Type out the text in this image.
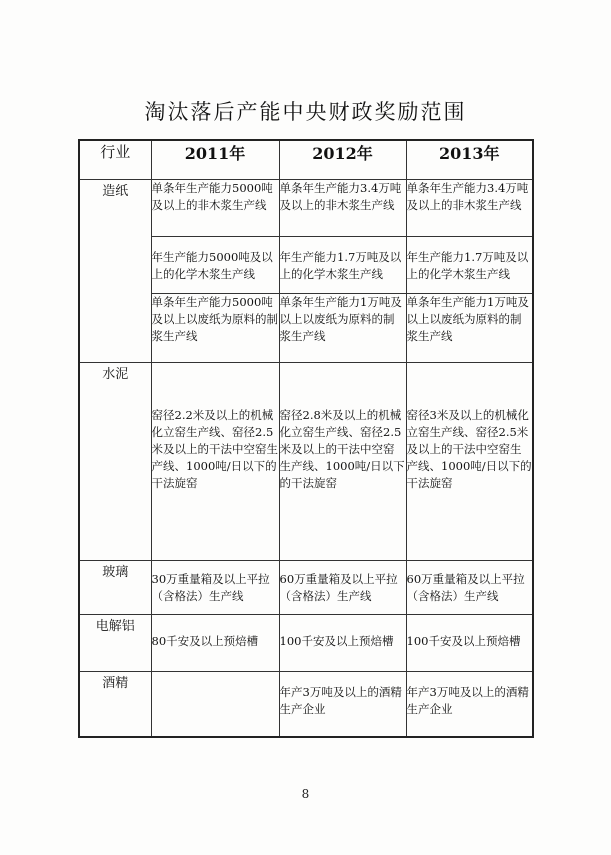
淘汰落后产能中央财政奖励范围
行业	2011年	2012年	2013年
造纸	单条年生产能力5000吨及以上的非木浆生产线	单条年生产能力3.4万吨及以上的非木浆生产线	单条年生产能力3.4万吨及以上的非木浆生产线
	年生产能力5000吨及以上的化学木浆生产线	年生产能力1.7万吨及以上的化学木浆生产线	年生产能力1.7万吨及以上的化学木浆生产线
	单条年生产能力5000吨及以上以废纸为原料的制浆生产线	单条年生产能力1万吨及以上以废纸为原料的制浆生产线	单条年生产能力1万吨及以上以废纸为原料的制浆生产线
水泥	窑径2.2米及以上的机械化立窑生产线、窑径2.5米及以上的干法中空窑生产线、1000吨/日以下的干法旋窑	窑径2.8米及以上的机械化立窑生产线、窑径2.5米及以上的干法中空窑生产线、1000吨/日以下的干法旋窑	窑径3米及以上的机械化立窑生产线、窑径2.5米及以上的干法中空窑生产线、1000吨/日以下的干法旋窑
玻璃	30万重量箱及以上平拉（含格法）生产线	60万重量箱及以上平拉（含格法）生产线	60万重量箱及以上平拉（含格法）生产线
电解铝	80千安及以上预焙槽	100千安及以上预焙槽	100千安及以上预焙槽
酒精		年产3万吨及以上的酒精生产企业	年产3万吨及以上的酒精生产企业
8
